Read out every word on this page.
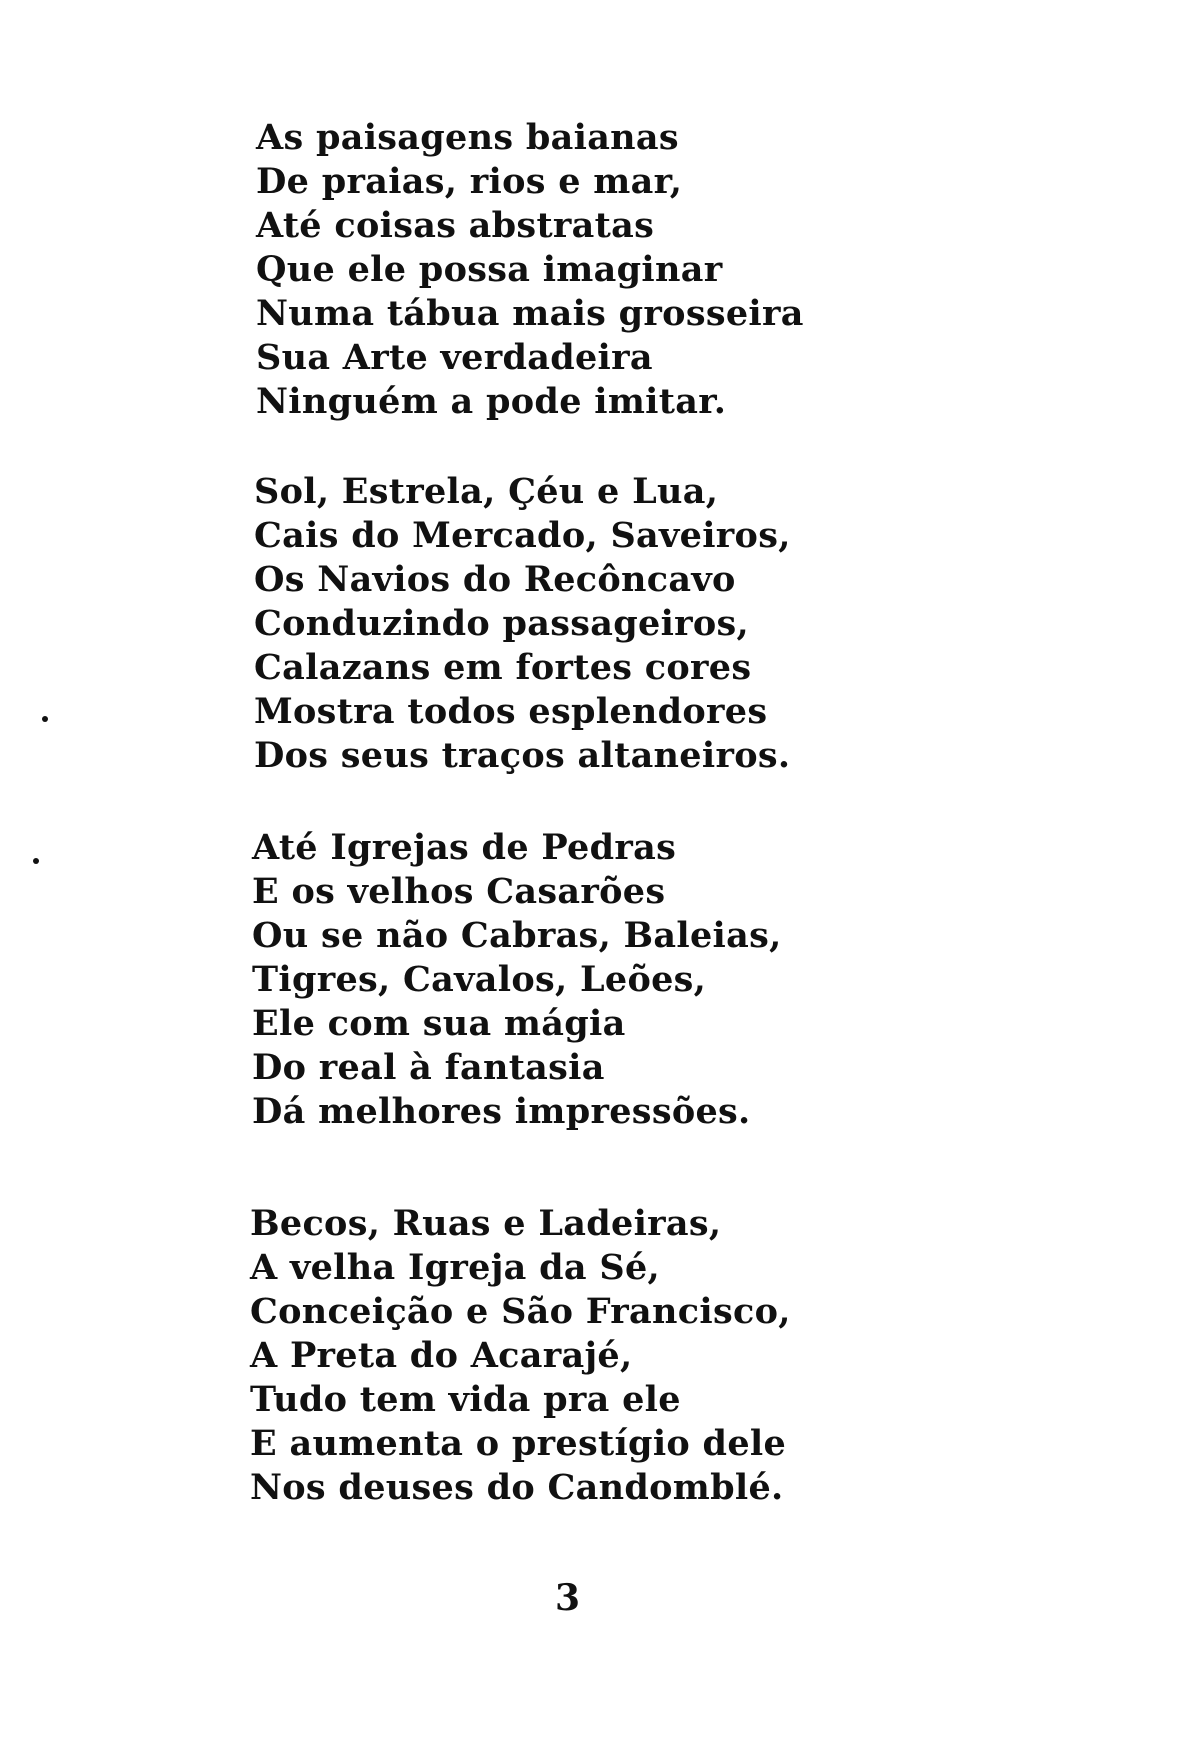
As paisagens baianas
De praias, rios e mar,
Até coisas abstratas
Que ele possa imaginar
Numa tábua mais grosseira
Sua Arte verdadeira
Ninguém a pode imitar.
Sol, Estrela, Çéu e Lua,
Cais do Mercado, Saveiros,
Os Navios do Recôncavo
Conduzindo passageiros,
Calazans em fortes cores
Mostra todos esplendores
Dos seus traços altaneiros.
Até Igrejas de Pedras
E os velhos Casarões
Ou se não Cabras, Baleias,
Tigres, Cavalos, Leões,
Ele com sua mágia
Do real à fantasia
Dá melhores impressões.
Becos, Ruas e Ladeiras,
A velha Igreja da Sé,
Conceição e São Francisco,
A Preta do Acarajé,
Tudo tem vida pra ele
E aumenta o prestígio dele
Nos deuses do Candomblé.
3
